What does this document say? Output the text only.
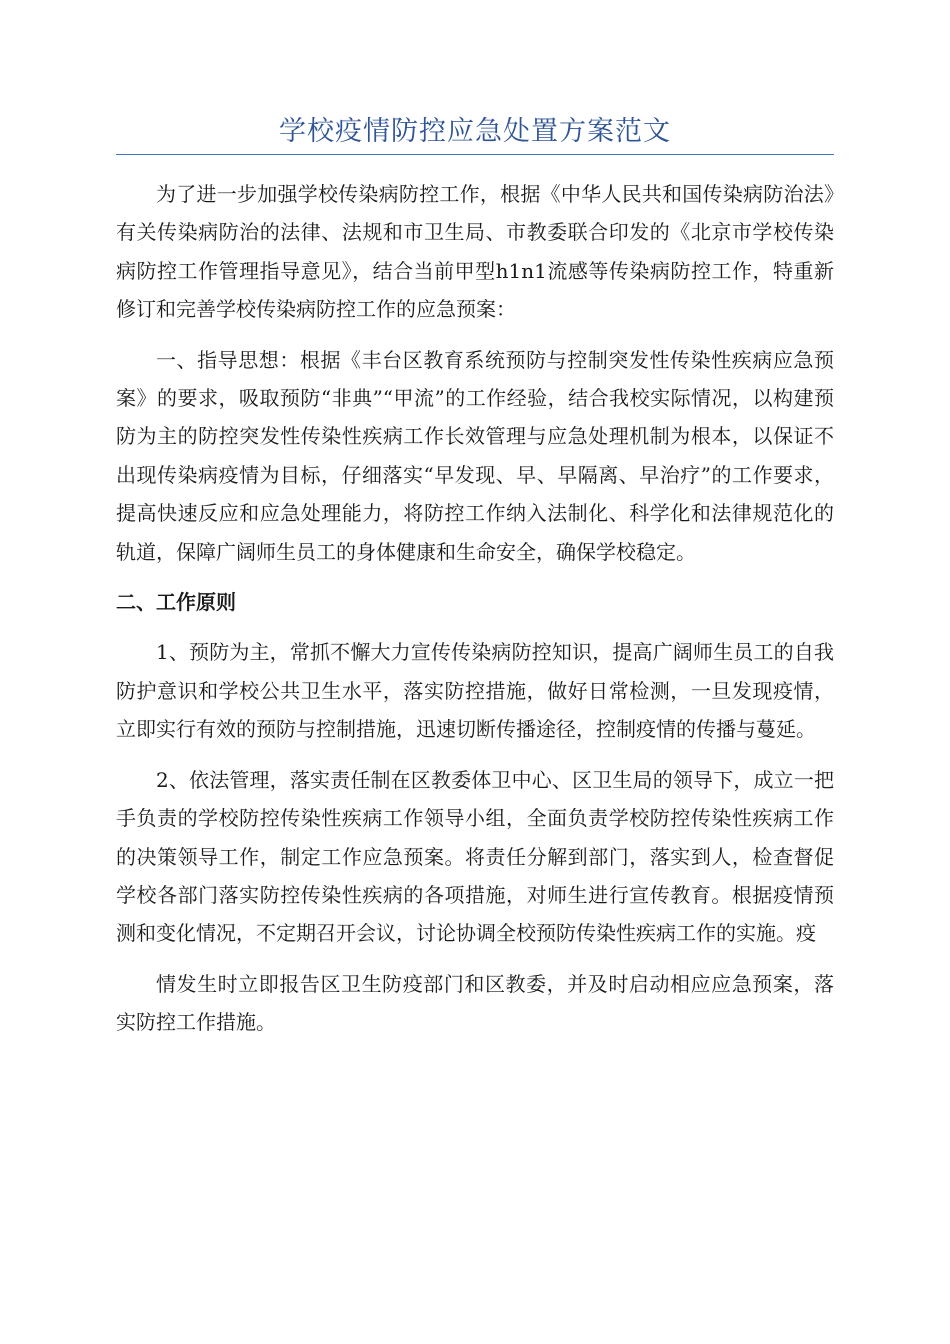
学校疫情防控应急处置方案范文

为了进一步加强学校传染病防控工作，根据《中华人民共和国传染病防治法》有关传染病防治的法律、法规和市卫生局、市教委联合印发的《北京市学校传染病防控工作管理指导意见》，结合当前甲型h1n1流感等传染病防控工作，特重新修订和完善学校传染病防控工作的应急预案：

一、指导思想：根据《丰台区教育系统预防与控制突发性传染性疾病应急预案》的要求，吸取预防“非典”“甲流”的工作经验，结合我校实际情况，以构建预防为主的防控突发性传染性疾病工作长效管理与应急处理机制为根本，以保证不出现传染病疫情为目标，仔细落实“早发现、早、早隔离、早治疗”的工作要求，提高快速反应和应急处理能力，将防控工作纳入法制化、科学化和法律规范化的轨道，保障广阔师生员工的身体健康和生命安全，确保学校稳定。

二、工作原则

1、预防为主，常抓不懈大力宣传传染病防控知识，提高广阔师生员工的自我防护意识和学校公共卫生水平，落实防控措施，做好日常检测，一旦发现疫情，立即实行有效的预防与控制措施，迅速切断传播途径，控制疫情的传播与蔓延。

2、依法管理，落实责任制在区教委体卫中心、区卫生局的领导下，成立一把手负责的学校防控传染性疾病工作领导小组，全面负责学校防控传染性疾病工作的决策领导工作，制定工作应急预案。将责任分解到部门，落实到人，检查督促学校各部门落实防控传染性疾病的各项措施，对师生进行宣传教育。根据疫情预测和变化情况，不定期召开会议，讨论协调全校预防传染性疾病工作的实施。疫

情发生时立即报告区卫生防疫部门和区教委，并及时启动相应应急预案，落实防控工作措施。
